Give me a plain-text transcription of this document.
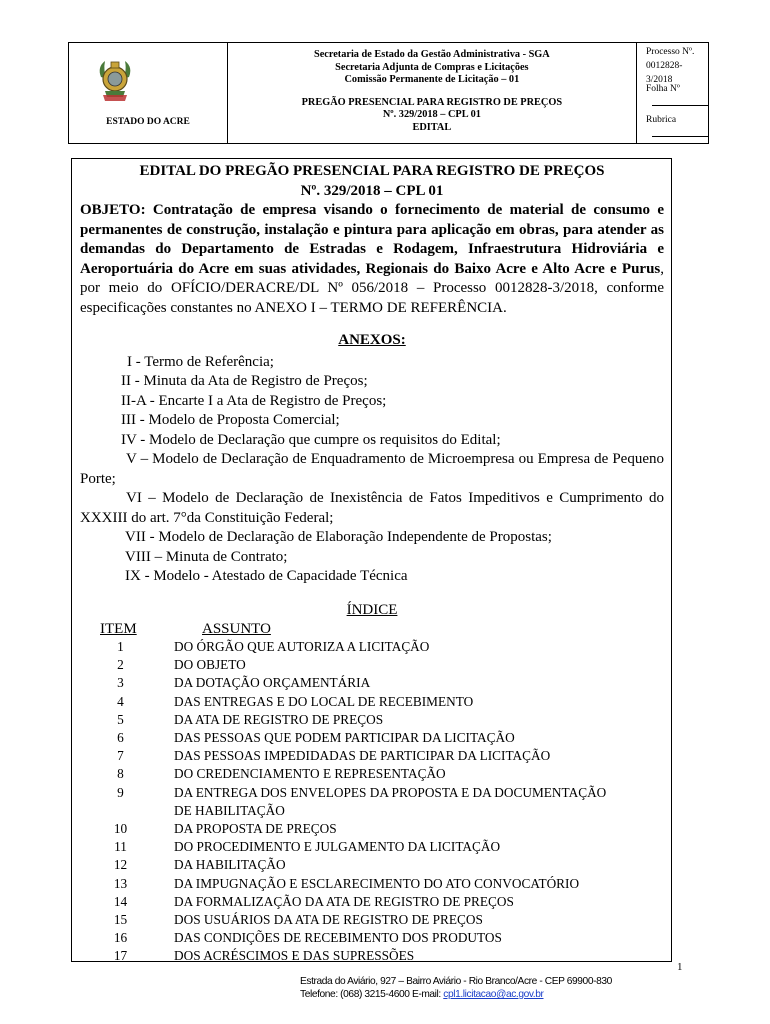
ESTADO DO ACRE
Secretaria de Estado da Gestão Administrativa - SGA
Secretaria Adjunta de Compras e Licitações
Comissão Permanente de Licitação – 01
PREGÃO PRESENCIAL PARA REGISTRO DE PREÇOS
Nº. 329/2018 – CPL 01
EDITAL
Processo Nº. 0012828-3/2018
Folha Nº
Rubrica
EDITAL DO PREGÃO PRESENCIAL PARA REGISTRO DE PREÇOS
Nº. 329/2018 – CPL 01
OBJETO: Contratação de empresa visando o fornecimento de material de consumo e permanentes de construção, instalação e pintura para aplicação em obras, para atender as demandas do Departamento de Estradas e Rodagem, Infraestrutura Hidroviária e Aeroportuária do Acre em suas atividades, Regionais do Baixo Acre e Alto Acre e Purus, por meio do OFÍCIO/DERACRE/DL Nº 056/2018 – Processo 0012828-3/2018, conforme especificações constantes no ANEXO I – TERMO DE REFERÊNCIA.
ANEXOS:
I - Termo de Referência;
II - Minuta da Ata de Registro de Preços;
II-A - Encarte I a Ata de Registro de Preços;
III - Modelo de Proposta Comercial;
IV - Modelo de Declaração que cumpre os requisitos do Edital;
V – Modelo de Declaração de Enquadramento de Microempresa ou Empresa de Pequeno Porte;
VI – Modelo de Declaração de Inexistência de Fatos Impeditivos e Cumprimento do XXXIII do art. 7°da Constituição Federal;
VII - Modelo de Declaração de Elaboração Independente de Propostas;
VIII – Minuta de Contrato;
IX - Modelo - Atestado de Capacidade Técnica
ÍNDICE
ITEM	ASSUNTO
1	DO ÓRGÃO QUE AUTORIZA A LICITAÇÃO
2	DO OBJETO
3	DA DOTAÇÃO ORÇAMENTÁRIA
4	DAS ENTREGAS E DO LOCAL DE RECEBIMENTO
5	DA ATA DE REGISTRO DE PREÇOS
6	DAS PESSOAS QUE PODEM PARTICIPAR DA LICITAÇÃO
7	DAS PESSOAS IMPEDIDADAS DE PARTICIPAR DA LICITAÇÃO
8	DO CREDENCIAMENTO E REPRESENTAÇÃO
9	DA ENTREGA DOS ENVELOPES DA PROPOSTA E DA DOCUMENTAÇÃO
DE HABILITAÇÃO
10	DA PROPOSTA DE PREÇOS
11	DO PROCEDIMENTO E JULGAMENTO DA LICITAÇÃO
12	DA HABILITAÇÃO
13	DA IMPUGNAÇÃO E ESCLARECIMENTO DO ATO CONVOCATÓRIO
14	DA FORMALIZAÇÃO DA ATA DE REGISTRO DE PREÇOS
15	DOS USUÁRIOS DA ATA DE REGISTRO DE PREÇOS
16	DAS CONDIÇÕES DE RECEBIMENTO DOS PRODUTOS
17	DOS ACRÉSCIMOS E DAS SUPRESSÕES
1
Estrada do Aviário, 927 – Bairro Aviário - Rio Branco/Acre - CEP 69900-830
Telefone: (068) 3215-4600 E-mail: cpl1.licitacao@ac.gov.br
